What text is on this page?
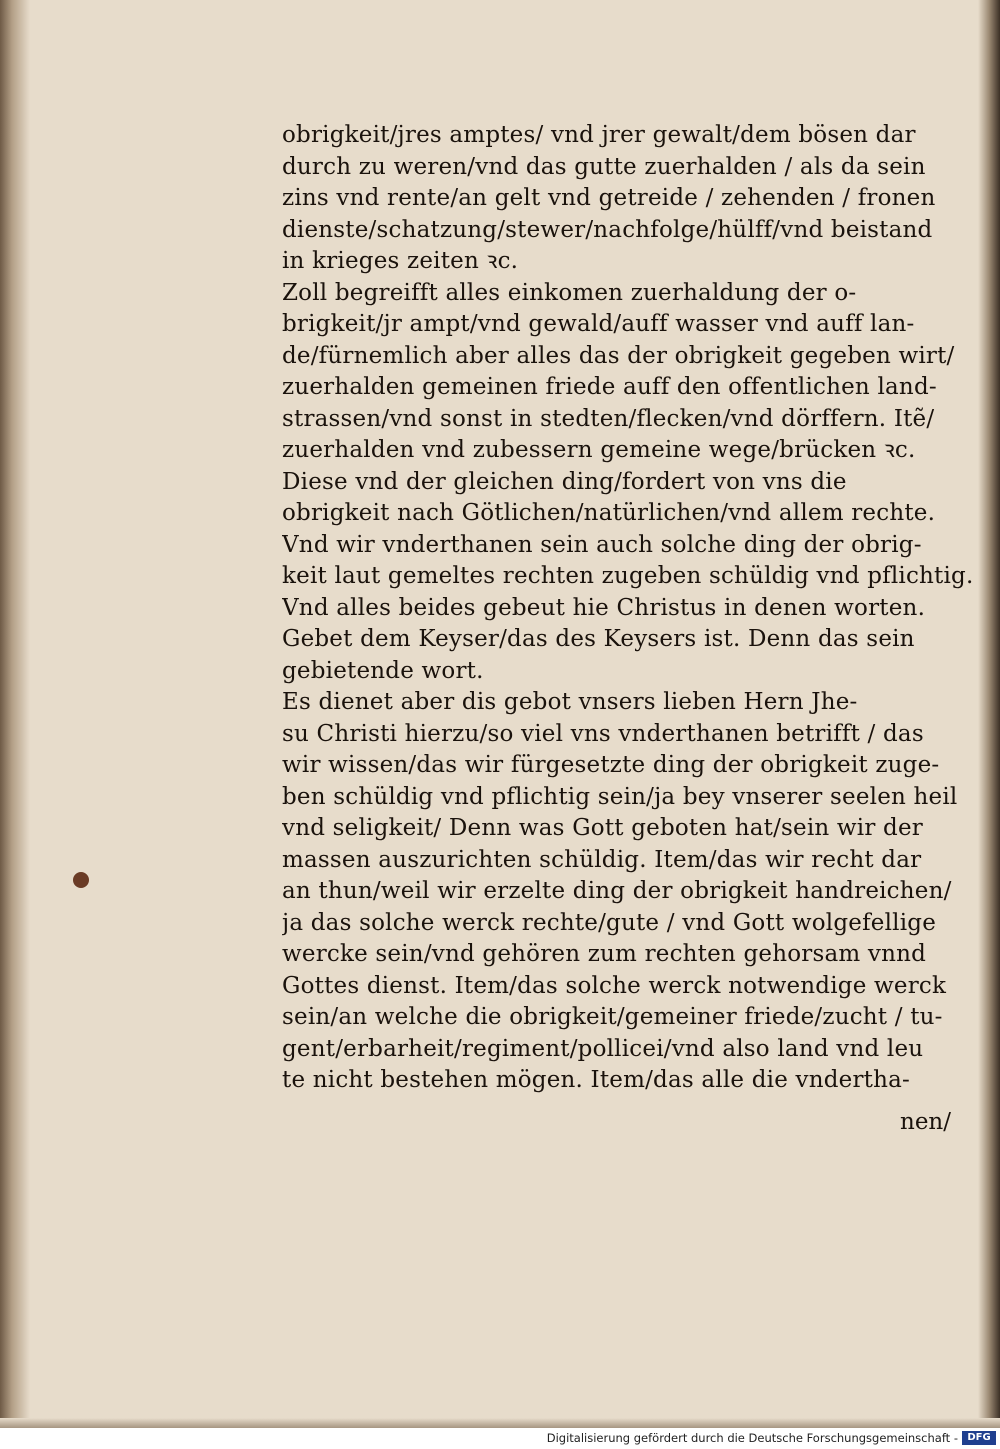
obrigkeit/jres amptes/ vnd jrer gewalt/dem bösen dar
durch zu weren/vnd das gutte zuerhalden / als da sein
zins vnd rente/an gelt vnd getreide / zehenden / fronen
dienste/schatzung/stewer/nachfolge/hülff/vnd beistand
in krieges zeiten ꝛc.
Zoll begreifft alles einkomen zuerhaldung der o-
brigkeit/jr ampt/vnd gewald/auff wasser vnd auff lan-
de/fürnemlich aber alles das der obrigkeit gegeben wirt/
zuerhalden gemeinen friede auff den offentlichen land-
strassen/vnd sonst in stedten/flecken/vnd dörffern. Itẽ/
zuerhalden vnd zubessern gemeine wege/brücken ꝛc.
Diese vnd der gleichen ding/fordert von vns die
obrigkeit nach Götlichen/natürlichen/vnd allem rechte.
Vnd wir vnderthanen sein auch solche ding der obrig-
keit laut gemeltes rechten zugeben schüldig vnd pflichtig.
Vnd alles beides gebeut hie Christus in denen worten.
Gebet dem Keyser/das des Keysers ist. Denn das sein
gebietende wort.
Es dienet aber dis gebot vnsers lieben Hern Jhe-
su Christi hierzu/so viel vns vnderthanen betrifft / das
wir wissen/das wir fürgesetzte ding der obrigkeit zuge-
ben schüldig vnd pflichtig sein/ja bey vnserer seelen heil
vnd seligkeit/ Denn was Gott geboten hat/sein wir der
massen auszurichten schüldig. Item/das wir recht dar
an thun/weil wir erzelte ding der obrigkeit handreichen/
ja das solche werck rechte/gute / vnd Gott wolgefellige
wercke sein/vnd gehören zum rechten gehorsam vnnd
Gottes dienst. Item/das solche werck notwendige werck
sein/an welche die obrigkeit/gemeiner friede/zucht / tu-
gent/erbarheit/regiment/pollicei/vnd also land vnd leu
te nicht bestehen mögen. Item/das alle die vndertha-
nen/
Digitalisierung gefördert durch die Deutsche Forschungsgemeinschaft - DFG
